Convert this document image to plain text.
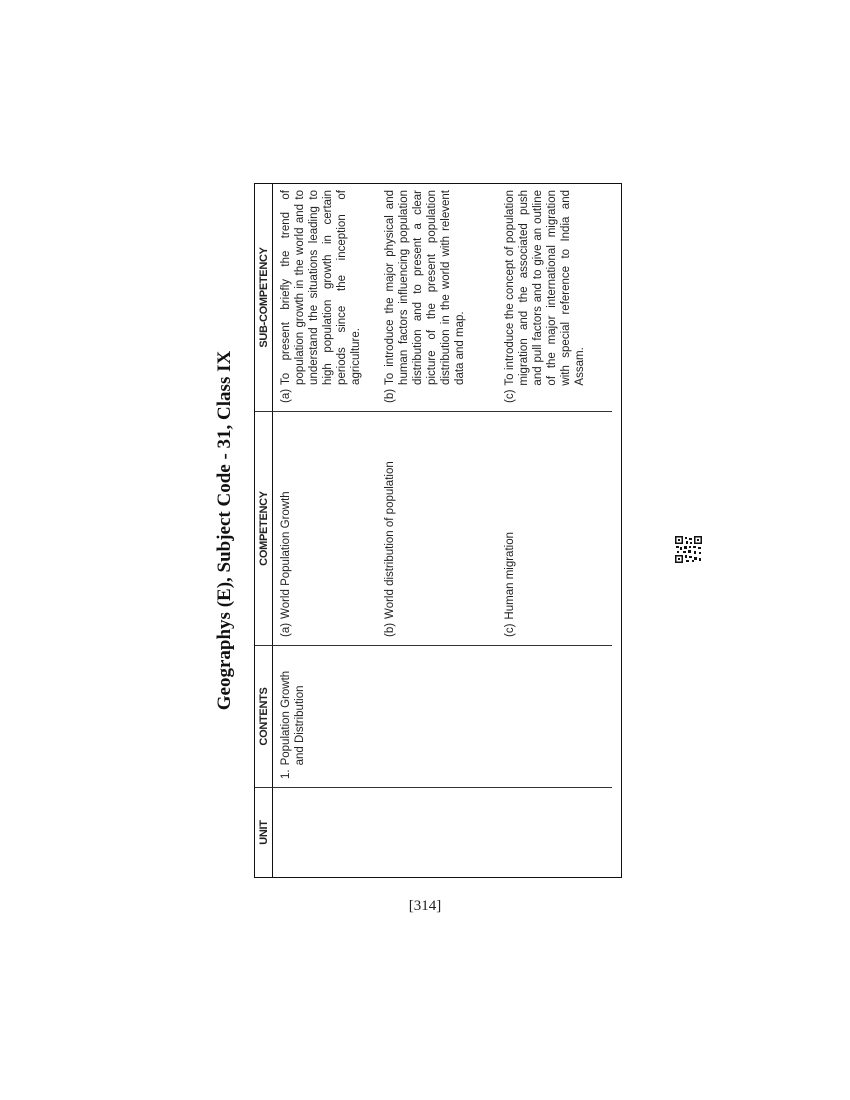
Geographys (E), Subject Code - 31, Class IX
UNIT
CONTENTS
COMPETENCY
SUB-COMPETENCY
1.
Population Growth and Distribution
(a)
World Population Growth
(a)
To present briefly the trend of population growth in the world and to understand the situations leading to high population growth in certain periods since the inception of agriculture.
(b)
World distribution of population
(b)
To introduce the major physical and human factors influencing population distribution and to present a clear picture of the present population distribution in the world with relevent data and map.
(c)
Human migration
(c)
To introduce the concept of population migration and the associated push and pull factors and to give an outline of the major international migration with special reference to India and Assam.
[314]
